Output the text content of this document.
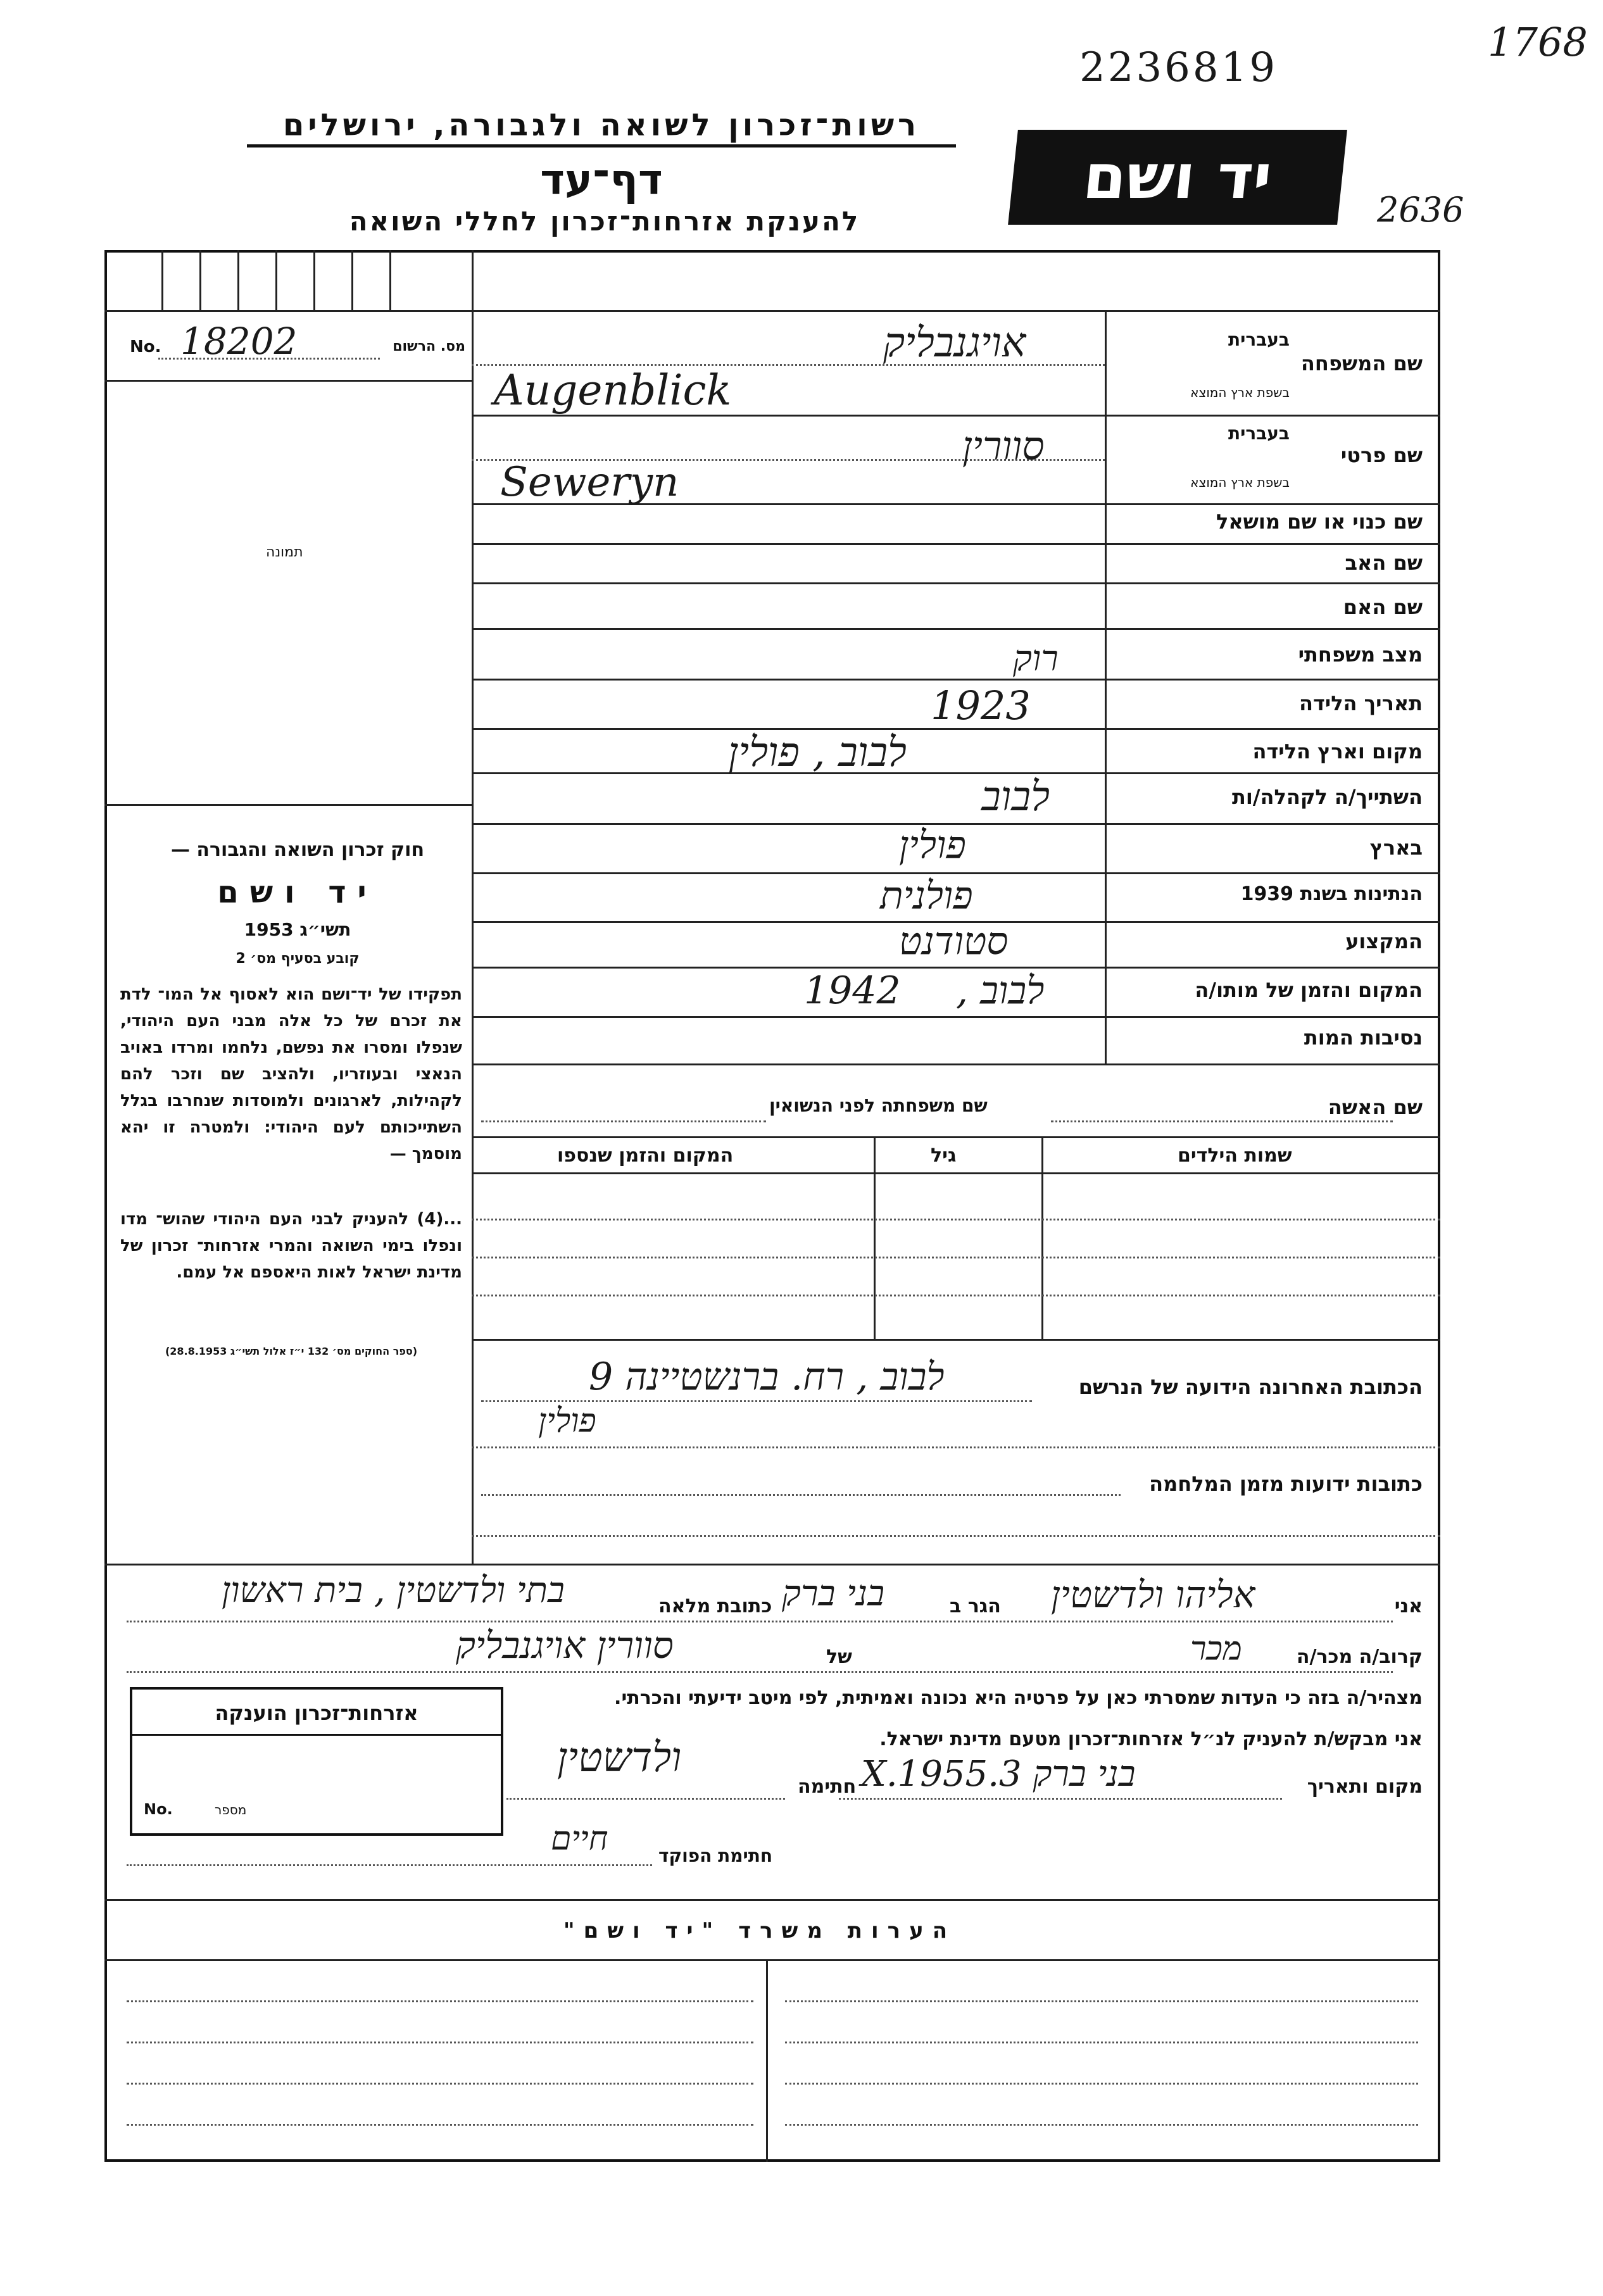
1768
2236819
2636
רשות־זכרון לשואה ולגבורה, ירושלים
דף־עד
להענקת אזרחות־זכרון לחללי השואה
יד ושם
No. 18202	מס. הרשום
תמונה
חוק זכרון השואה והגבורה —
יד ושם
תשי״ג 1953
קובע בסעיף מס׳ 2
תפקידו של יד־ושם הוא לאסוף אל המו־ לדת את זכרם של כל אלה מבני העם היהודי, שנפלו ומסרו את נפשם, נלחמו ומרדו באויב הנאצי ובעוזריו, ולהציב שם וזכר להם לקהילות, לארגונים ולמוסדות שנחרבו בגלל השתייכותם לעם היהודי: ולמטרה זו יהא מוסמך —
...(4) להעניק לבני העם היהודי שהוש־ מדו ונפלו בימי השואה והמרי אזרחות־ זכרון של מדינת ישראל לאות היאספם אל עמם.
(ספר החוקים מס׳ 132 י״ז אלול תשי״ג 28.8.1953)
שם המשפחה
בעברית
בשפת ארץ המוצא
אויגנבליק
Augenblick
שם פרטי
בעברית
בשפת ארץ המוצא
סוורין
Seweryn
שם כנוי או שם מושאל
שם האב
שם האם
מצב משפחתי
רוק
תאריך הלידה
1923
מקום וארץ הלידה
לבוב , פולין
השתייך/ה לקהלה/ות
לבוב
בארץ
פולין
הנתינות בשנת 1939
פולנית
המקצוע
סטודנט
המקום והזמן של מותו/ה
1942 לבוב ,
נסיבות המות
שם האשה
שם משפחתה לפני הנשואין
שמות הילדים
גיל
המקום והזמן שנספו
הכתובת האחרונה הידועה של הנרשם
לבוב , רח. ברנשטיינה 9
פולין
כתובות ידועות מזמן המלחמה
אני
אליהו ולדשטין
הגר ב
בני ברק
כתובת מלאה
בתי ולדשטין , בית ראשון
קרוב/ה מכר/ה
מכר
של
סוורין אויגנבליק
מצהיר/ה בזה כי העדות שמסרתי כאן על פרטיה היא נכונה ואמיתית, לפי מיטב ידיעתי והכרתי.
אני מבקש/ת להעניק לנ״ל אזרחות־זכרון מטעם מדינת ישראל.
מקום ותאריך
בני ברק 3.X.1955
חתימה
ולדשטין
חתימת הפוקד
חיים
אזרחות־זכרון הוענקה
No.	מספר
הערות משרד "יד ושם"
